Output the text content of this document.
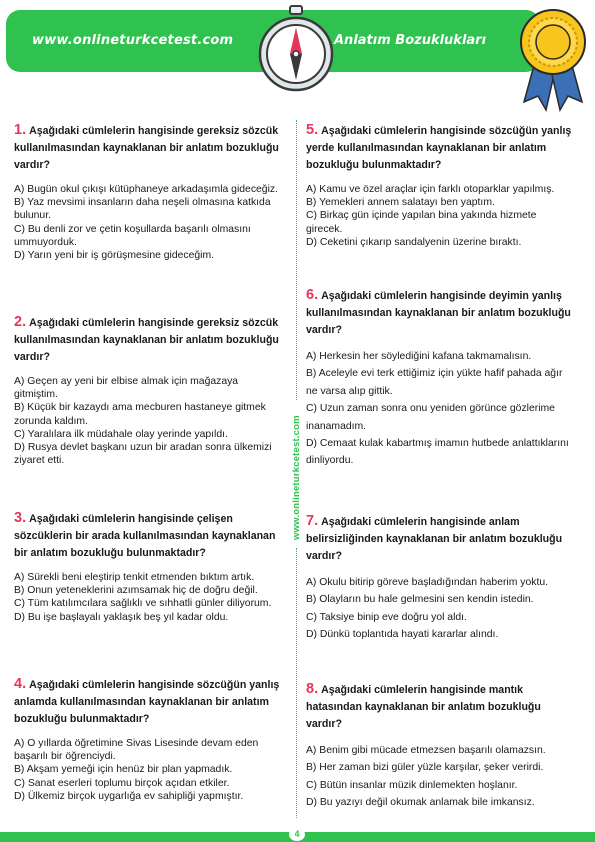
www.onlineturkcetest.com	Anlatım Bozuklukları
www.onlineturkcetest.com

1. Aşağıdaki cümlelerin hangisinde gereksiz sözcük kullanılmasından kaynaklanan bir anlatım bozukluğu vardır?

A) Bugün okul çıkışı kütüphaneye arkadaşımla gideceğiz.

B) Yaz mevsimi insanların daha neşeli olmasına katkıda bulunur.

C) Bu denli zor ve çetin koşullarda başarılı olmasını ummuyorduk.

D) Yarın yeni bir iş görüşmesine gideceğim.

2. Aşağıdaki cümlelerin hangisinde gereksiz sözcük kullanılmasından kaynaklanan bir anlatım bozukluğu vardır?

A) Geçen ay yeni bir elbise almak için mağazaya gitmiştim.

B) Küçük bir kazaydı ama mecburen hastaneye gitmek zorunda kaldım.

C) Yaralılara ilk müdahale olay yerinde yapıldı.

D) Rusya devlet başkanı uzun bir aradan sonra ülkemizi ziyaret etti.

3. Aşağıdaki cümlelerin hangisinde çelişen sözcüklerin bir arada kullanılmasından kaynaklanan bir anlatım bozukluğu bulunmaktadır?

A) Sürekli beni eleştirip tenkit etmenden bıktım artık.

B) Onun yeteneklerini azımsamak hiç de doğru değil.

C) Tüm katılımcılara sağlıklı ve sıhhatli günler diliyorum.

D) Bu işe başlayalı yaklaşık beş yıl kadar oldu.

4. Aşağıdaki cümlelerin hangisinde sözcüğün yanlış anlamda kullanılmasından kaynaklanan bir anlatım bozukluğu bulunmaktadır?

A) O yıllarda öğretimine Sivas Lisesinde devam eden başarılı bir öğrenciydi.

B) Akşam yemeği için henüz bir plan yapmadık.

C) Sanat eserleri toplumu birçok açıdan etkiler.

D) Ülkemiz birçok uygarlığa ev sahipliği yapmıştır.

5. Aşağıdaki cümlelerin hangisinde sözcüğün yanlış yerde kullanılmasından kaynaklanan bir anlatım bozukluğu bulunmaktadır?

A) Kamu ve özel araçlar için farklı otoparklar yapılmış.

B) Yemekleri annem salatayı ben yaptım.

C) Birkaç gün içinde yapılan bina yakında hizmete girecek.

D) Ceketini çıkarıp sandalyenin üzerine bıraktı.

6. Aşağıdaki cümlelerin hangisinde deyimin yanlış kullanılmasından kaynaklanan bir anlatım bozukluğu vardır?

A) Herkesin her söylediğini kafana takmamalısın.

B) Aceleyle evi terk ettiğimiz için yükte hafif pahada ağır ne varsa alıp gittik.

C) Uzun zaman sonra onu yeniden görünce gözlerime inanamadım.

D) Cemaat kulak kabartmış imamın hutbede anlattıklarını dinliyordu.

7. Aşağıdaki cümlelerin hangisinde anlam belirsizliğinden kaynaklanan bir anlatım bozukluğu vardır?

A) Okulu bitirip göreve başladığından haberim yoktu.

B) Olayların bu hale gelmesini sen kendin istedin.

C) Taksiye binip eve doğru yol aldı.

D) Dünkü toplantıda hayati kararlar alındı.

8. Aşağıdaki cümlelerin hangisinde mantık hatasından kaynaklanan bir anlatım bozukluğu vardır?

A) Benim gibi mücade etmezsen başarılı olamazsın.

B) Her zaman bizi güler yüzle karşılar, şeker verirdi.

C) Bütün insanlar müzik dinlemekten hoşlanır.

D) Bu yazıyı değil okumak anlamak bile imkansız.

4
